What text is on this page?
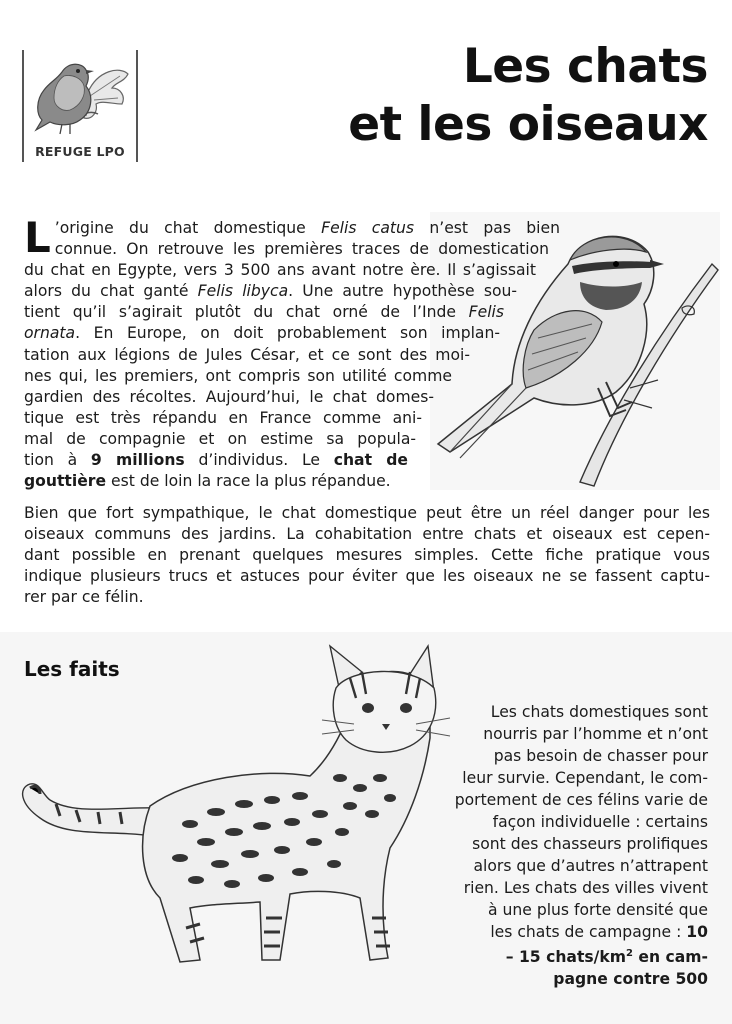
REFUGE LPO
Les chats
et les oiseaux
L ’origine du chat domestique Felis catus n’est pas bien
connue. On retrouve les premières traces de domestication
du chat en Egypte, vers 3 500 ans avant notre ère. Il s’agissait
alors du chat ganté Felis libyca. Une autre hypothèse sou-
tient qu’il s’agirait plutôt du chat orné de l’Inde Felis
ornata. En Europe, on doit probablement son implan-
tation aux légions de Jules César, et ce sont des moi-
nes qui, les premiers, ont compris son utilité comme
gardien des récoltes. Aujourd’hui, le chat domes-
tique est très répandu en France comme ani-
mal de compagnie et on estime sa popula-
tion à 9 millions d’individus. Le chat de
gouttière est de loin la race la plus répandue.
Bien que fort sympathique, le chat domestique peut être un réel danger pour les
oiseaux communs des jardins. La cohabitation entre chats et oiseaux est cepen-
dant possible en prenant quelques mesures simples. Cette fiche pratique vous
indique plusieurs trucs et astuces pour éviter que les oiseaux ne se fassent captu-
rer par ce félin.
Les faits
Les chats domestiques sont
nourris par l’homme et n’ont
pas besoin de chasser pour
leur survie. Cependant, le com-
portement de ces félins varie de
façon individuelle : certains
sont des chasseurs prolifiques
alors que d’autres n’attrapent
rien. Les chats des villes vivent
à une plus forte densité que
les chats de campagne : 10
– 15 chats/$km^2$ en cam-
pagne contre 500
